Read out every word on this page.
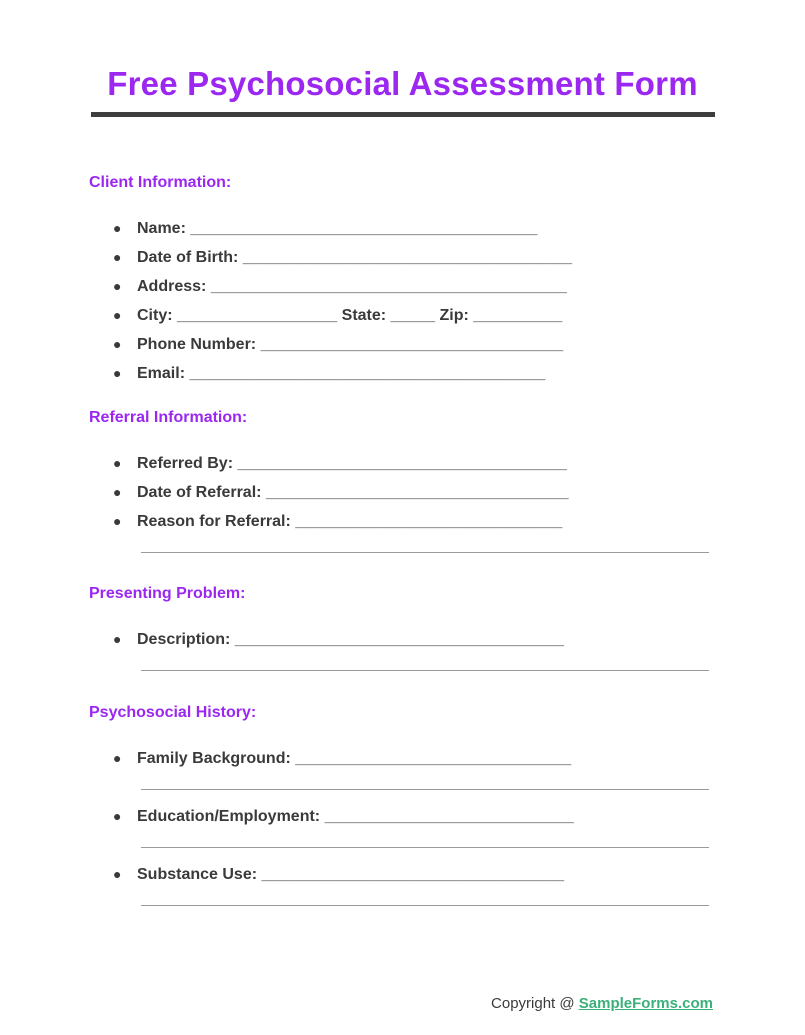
Free Psychosocial Assessment Form
Client Information:
● Name: _______________________________________
● Date of Birth: _____________________________________
● Address: ________________________________________
● City: __________________ State: _____ Zip: __________
● Phone Number: __________________________________
● Email: ________________________________________
Referral Information:
● Referred By: _____________________________________
● Date of Referral: __________________________________
● Reason for Referral: ______________________________
Presenting Problem:
● Description: _____________________________________
Psychosocial History:
● Family Background: _______________________________
● Education/Employment: ____________________________
● Substance Use: __________________________________
Copyright @ SampleForms.com
